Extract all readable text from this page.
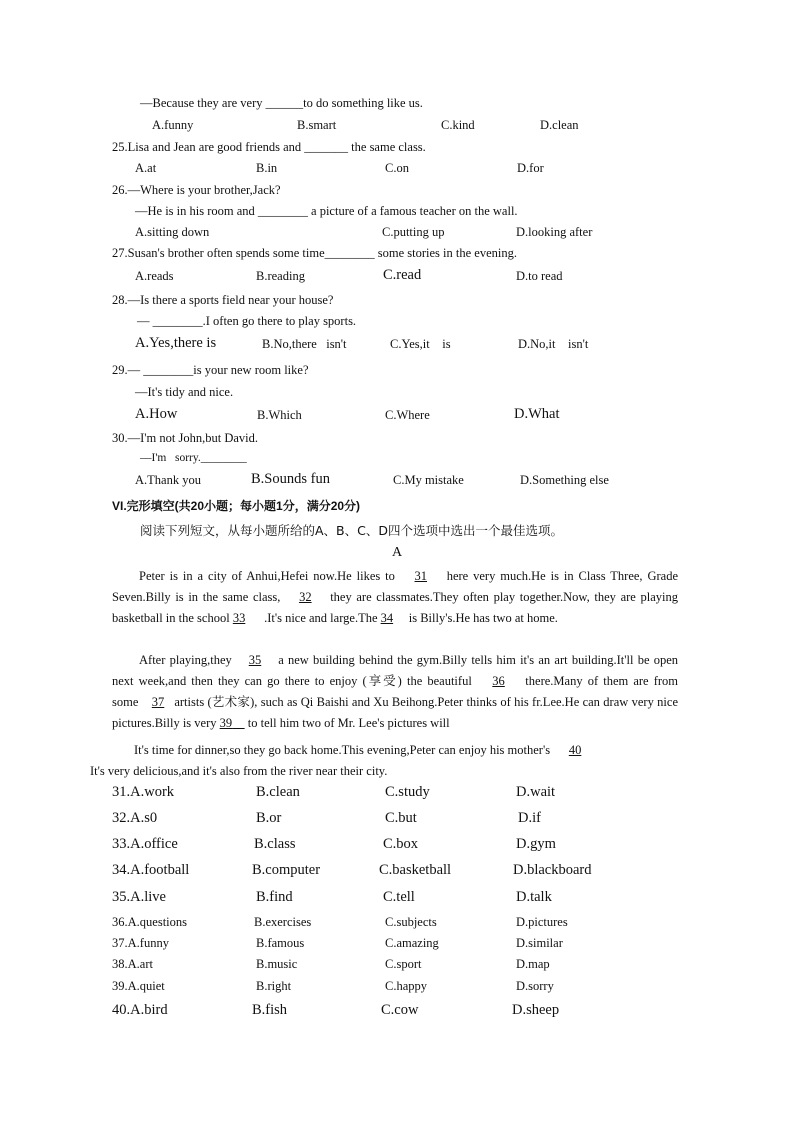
—Because they are very ______to do something like us.
A.funny	B.smart	C.kind	D.clean
25.Lisa and Jean are good friends and _______ the same class.
A.at	B.in	C.on	D.for
26.—Where is your brother,Jack?
—He is in his room and ________ a picture of a famous teacher on the wall.
A.sitting down	C.putting up	D.looking after
27.Susan's brother often spends some time________ some stories in the evening.
A.reads	B.reading	C.read	D.to read
28.—Is there a sports field near your house?
— ________.I often go there to play sports.
A.Yes,there is	B.No,there   isn't	C.Yes,it    is	D.No,it    isn't
29.— ________is your new room like?
—It's tidy and nice.
A.How	B.Which	C.Where	D.What
30.—I'm not John,but David.
—I'm   sorry.________
A.Thank you	B.Sounds fun	C.My mistake	D.Something else
VI.完形填空(共20小题；每小题1分，满分20分)
阅读下列短文，从每小题所给的A、B、C、D四个选项中选出一个最佳选项。
A
Peter is in a city of Anhui,Hefei now.He likes to 31 here very much.He is in Class Three, Grade Seven.Billy is in the same class, 32 they are classmates.They often play together.Now, they are playing basketball in the school 33 .It's nice and large.The 34 is Billy's.He has two at home.
After playing,they 35 a new building behind the gym.Billy tells him it's an art building.It'll be open next week,and then they can go there to enjoy (享受) the beautiful 36 there.Many of them are from some 37 artists (艺术家), such as Qi Baishi and Xu Beihong.Peter thinks of his fr.Lee.He can draw very nice pictures.Billy is very 39 to tell him two of Mr. Lee's pictures will
It's time for dinner,so they go back home.This evening,Peter can enjoy his mother's 40
It's very delicious,and it's also from the river near their city.
31.A.work	B.clean	C.study	D.wait
32.A.s0	B.or	C.but	D.if
33.A.office	B.class	C.box	D.gym
34.A.football	B.computer	C.basketball	D.blackboard
35.A.live	B.find	C.tell	D.talk
36.A.questions	B.exercises	C.subjects	D.pictures
37.A.funny	B.famous	C.amazing	D.similar
38.A.art	B.music	C.sport	D.map
39.A.quiet	B.right	C.happy	D.sorry
40.A.bird	B.fish	C.cow	D.sheep
